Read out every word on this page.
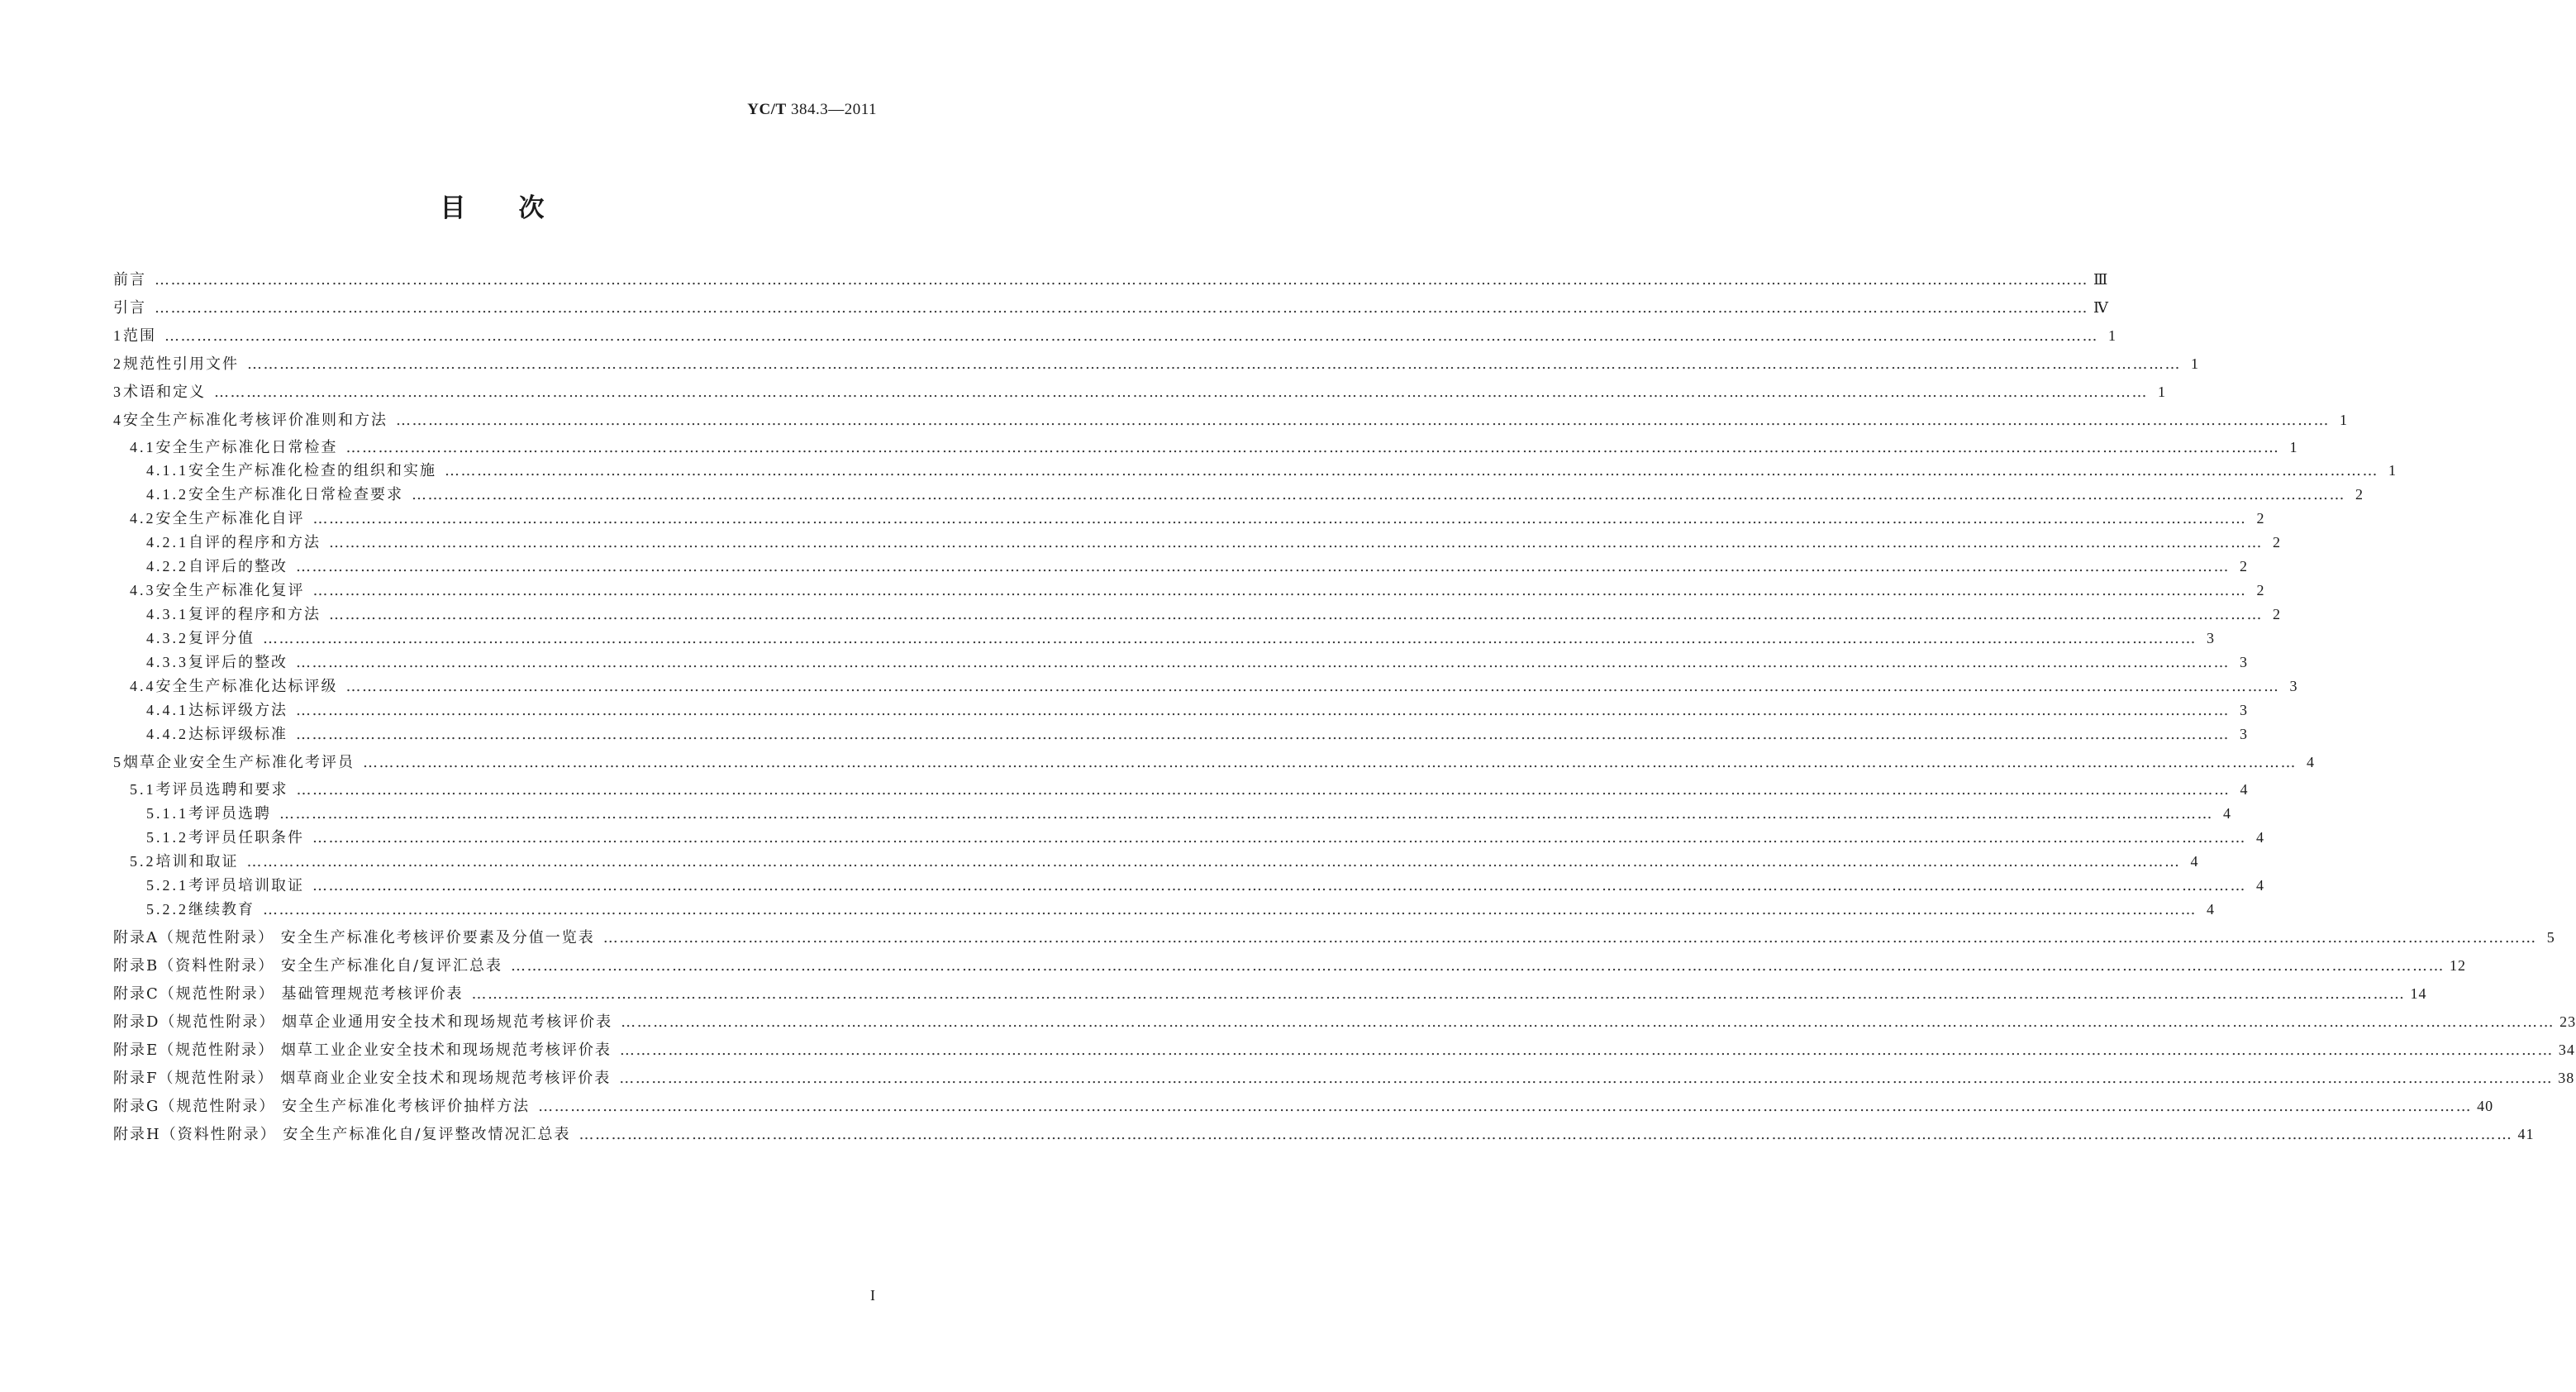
YC/T 384.3—2011
目次
前言 ……………………………………………………………………………………………………………………………………………………………………………………………………………………………………………………………………………………………………………………………… Ⅲ
引言 ……………………………………………………………………………………………………………………………………………………………………………………………………………………………………………………………………………………………………………………………… Ⅳ
1 范围 ……………………………………………………………………………………………………………………………………………………………………………………………………………………………………………………………………………………………………………………………… 1
2 规范性引用文件 ……………………………………………………………………………………………………………………………………………………………………………………………………………………………………………………………………………………………………………………………… 1
3 术语和定义 ……………………………………………………………………………………………………………………………………………………………………………………………………………………………………………………………………………………………………………………………… 1
4 安全生产标准化考核评价准则和方法 ……………………………………………………………………………………………………………………………………………………………………………………………………………………………………………………………………………………………………………………………… 1
4.1 安全生产标准化日常检查 ……………………………………………………………………………………………………………………………………………………………………………………………………………………………………………………………………………………………………………………………… 1
4.1.1 安全生产标准化检查的组织和实施 ……………………………………………………………………………………………………………………………………………………………………………………………………………………………………………………………………………………………………………………………… 1
4.1.2 安全生产标准化日常检查要求 ……………………………………………………………………………………………………………………………………………………………………………………………………………………………………………………………………………………………………………………………… 2
4.2 安全生产标准化自评 ……………………………………………………………………………………………………………………………………………………………………………………………………………………………………………………………………………………………………………………………… 2
4.2.1 自评的程序和方法 ……………………………………………………………………………………………………………………………………………………………………………………………………………………………………………………………………………………………………………………………… 2
4.2.2 自评后的整改 ……………………………………………………………………………………………………………………………………………………………………………………………………………………………………………………………………………………………………………………………… 2
4.3 安全生产标准化复评 ……………………………………………………………………………………………………………………………………………………………………………………………………………………………………………………………………………………………………………………………… 2
4.3.1 复评的程序和方法 ……………………………………………………………………………………………………………………………………………………………………………………………………………………………………………………………………………………………………………………………… 2
4.3.2 复评分值 ……………………………………………………………………………………………………………………………………………………………………………………………………………………………………………………………………………………………………………………………… 3
4.3.3 复评后的整改 ……………………………………………………………………………………………………………………………………………………………………………………………………………………………………………………………………………………………………………………………… 3
4.4 安全生产标准化达标评级 ……………………………………………………………………………………………………………………………………………………………………………………………………………………………………………………………………………………………………………………………… 3
4.4.1 达标评级方法 ……………………………………………………………………………………………………………………………………………………………………………………………………………………………………………………………………………………………………………………………… 3
4.4.2 达标评级标准 ……………………………………………………………………………………………………………………………………………………………………………………………………………………………………………………………………………………………………………………………… 3
5 烟草企业安全生产标准化考评员 ……………………………………………………………………………………………………………………………………………………………………………………………………………………………………………………………………………………………………………………………… 4
5.1 考评员选聘和要求 ……………………………………………………………………………………………………………………………………………………………………………………………………………………………………………………………………………………………………………………………… 4
5.1.1 考评员选聘 ……………………………………………………………………………………………………………………………………………………………………………………………………………………………………………………………………………………………………………………………… 4
5.1.2 考评员任职条件 ……………………………………………………………………………………………………………………………………………………………………………………………………………………………………………………………………………………………………………………………… 4
5.2 培训和取证 ……………………………………………………………………………………………………………………………………………………………………………………………………………………………………………………………………………………………………………………………… 4
5.2.1 考评员培训取证 ……………………………………………………………………………………………………………………………………………………………………………………………………………………………………………………………………………………………………………………………… 4
5.2.2 继续教育 ……………………………………………………………………………………………………………………………………………………………………………………………………………………………………………………………………………………………………………………………… 4
附录A（规范性附录） 安全生产标准化考核评价要素及分值一览表 ……………………………………………………………………………………………………………………………………………………………………………………………………………………………………………………………………………………………………………………………… 5
附录B（资料性附录） 安全生产标准化自/复评汇总表 ……………………………………………………………………………………………………………………………………………………………………………………………………………………………………………………………………………………………………………………………… 12
附录C（规范性附录） 基础管理规范考核评价表 ……………………………………………………………………………………………………………………………………………………………………………………………………………………………………………………………………………………………………………………………… 14
附录D（规范性附录） 烟草企业通用安全技术和现场规范考核评价表 ……………………………………………………………………………………………………………………………………………………………………………………………………………………………………………………………………………………………………………………………… 23
附录E（规范性附录） 烟草工业企业安全技术和现场规范考核评价表 ……………………………………………………………………………………………………………………………………………………………………………………………………………………………………………………………………………………………………………………………… 34
附录F（规范性附录） 烟草商业企业安全技术和现场规范考核评价表 ……………………………………………………………………………………………………………………………………………………………………………………………………………………………………………………………………………………………………………………………… 38
附录G（规范性附录） 安全生产标准化考核评价抽样方法 ……………………………………………………………………………………………………………………………………………………………………………………………………………………………………………………………………………………………………………………………… 40
附录H（资料性附录） 安全生产标准化自/复评整改情况汇总表 ……………………………………………………………………………………………………………………………………………………………………………………………………………………………………………………………………………………………………………………………… 41
I
